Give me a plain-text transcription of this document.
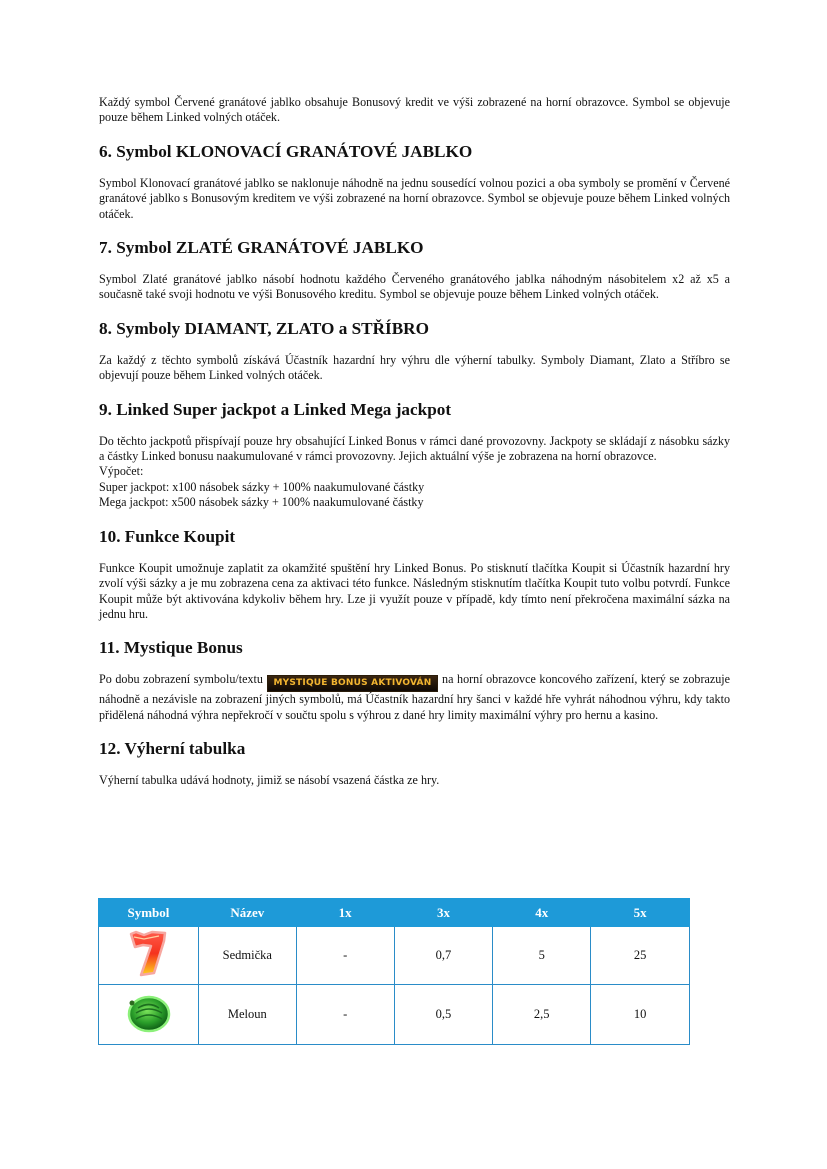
Každý symbol Červené granátové jablko obsahuje Bonusový kredit ve výši zobrazené na horní obrazovce. Symbol se objevuje pouze během Linked volných otáček.

6. Symbol KLONOVACÍ GRANÁTOVÉ JABLKO

Symbol Klonovací granátové jablko se naklonuje náhodně na jednu sousedící volnou pozici a oba symboly se promění v Červené granátové jablko s Bonusovým kreditem ve výši zobrazené na horní obrazovce. Symbol se objevuje pouze během Linked volných otáček.

7. Symbol ZLATÉ GRANÁTOVÉ JABLKO

Symbol Zlaté granátové jablko násobí hodnotu každého Červeného granátového jablka náhodným násobitelem x2 až x5 a současně také svoji hodnotu ve výši Bonusového kreditu. Symbol se objevuje pouze během Linked volných otáček.

8. Symboly DIAMANT, ZLATO a STŘÍBRO

Za každý z těchto symbolů získává Účastník hazardní hry výhru dle výherní tabulky. Symboly Diamant, Zlato a Stříbro se objevují pouze během Linked volných otáček.

9. Linked Super jackpot a Linked Mega jackpot

Do těchto jackpotů přispívají pouze hry obsahující Linked Bonus v rámci dané provozovny. Jackpoty se skládají z násobku sázky a částky Linked bonusu naakumulované v rámci provozovny. Jejich aktuální výše je zobrazena na horní obrazovce.

Výpočet:

Super jackpot: x100 násobek sázky + 100% naakumulované částky

Mega jackpot: x500 násobek sázky + 100% naakumulované částky

10. Funkce Koupit

Funkce Koupit umožnuje zaplatit za okamžité spuštění hry Linked Bonus. Po stisknutí tlačítka Koupit si Účastník hazardní hry zvolí výši sázky a je mu zobrazena cena za aktivaci této funkce. Následným stisknutím tlačítka Koupit tuto volbu potvrdí. Funkce Koupit může být aktivována kdykoliv během hry. Lze ji využít pouze v případě, kdy tímto není překročena maximální sázka na jednu hru.

11. Mystique Bonus

Po dobu zobrazení symbolu/textu MYSTIQUE BONUS AKTIVOVÁN na horní obrazovce koncového zařízení, který se zobrazuje náhodně a nezávisle na zobrazení jiných symbolů, má Účastník hazardní hry šanci v každé hře vyhrát náhodnou výhru, kdy takto přidělená náhodná výhra nepřekročí v součtu spolu s výhrou z dané hry limity maximální výhry pro hernu a kasino.

12. Výherní tabulka

Výherní tabulka udává hodnoty, jimiž se násobí vsazená částka ze hry.

Symbol	Název	1x	3x	4x	5x
	Sedmička	-	0,7	5	25
	Meloun	-	0,5	2,5	10
